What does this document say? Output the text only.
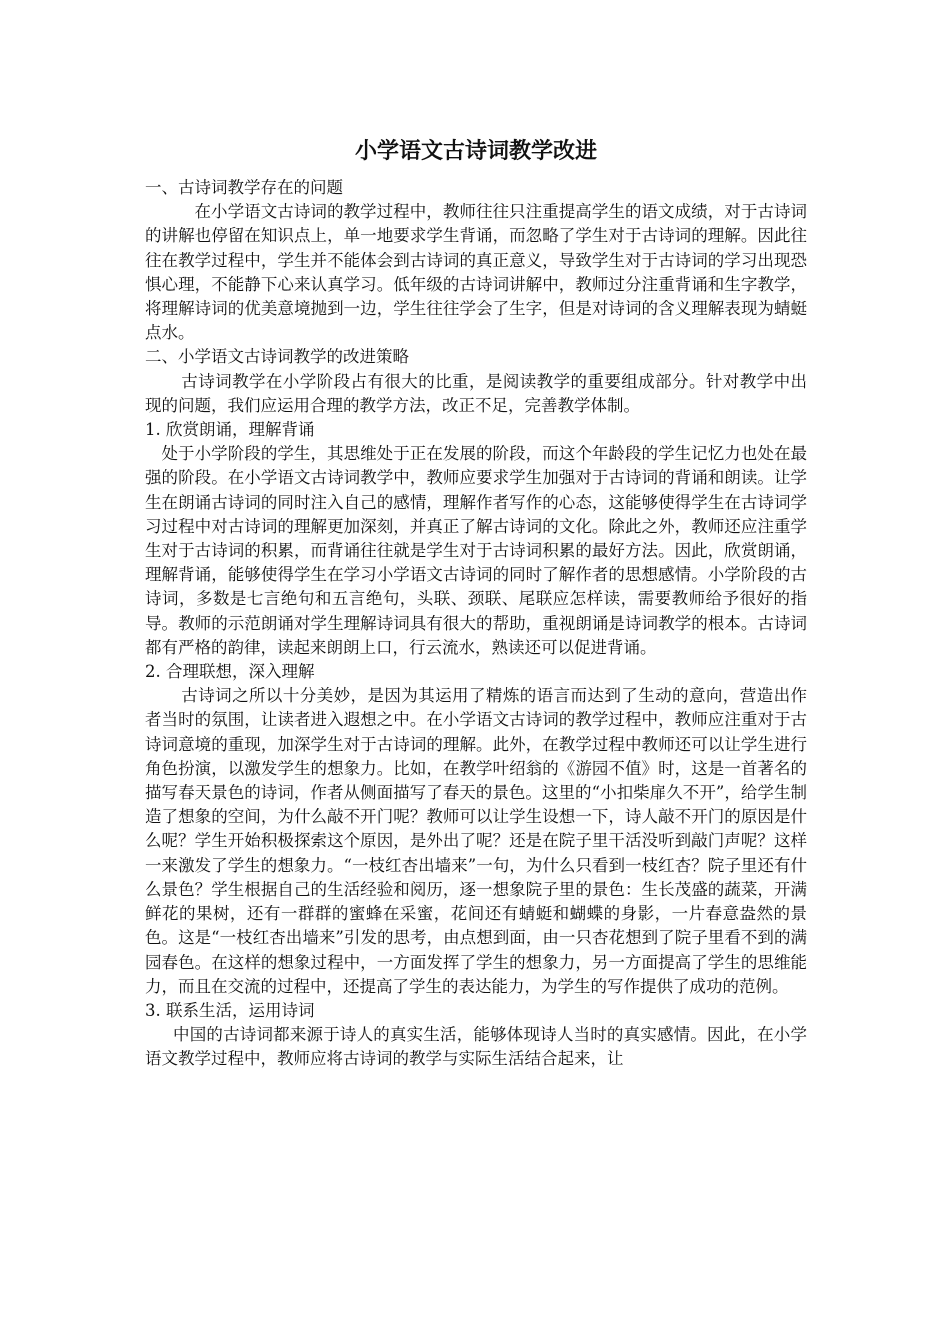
小学语文古诗词教学改进
一、古诗词教学存在的问题

在小学语文古诗词的教学过程中，教师往往只注重提高学生的语文成绩，对于古诗词的讲解也停留在知识点上，单一地要求学生背诵，而忽略了学生对于古诗词的理解。因此往往在教学过程中，学生并不能体会到古诗词的真正意义，导致学生对于古诗词的学习出现恐惧心理，不能静下心来认真学习。低年级的古诗词讲解中，教师过分注重背诵和生字教学，将理解诗词的优美意境抛到一边，学生往往学会了生字，但是对诗词的含义理解表现为蜻蜓点水。

二、小学语文古诗词教学的改进策略

古诗词教学在小学阶段占有很大的比重，是阅读教学的重要组成部分。针对教学中出现的问题，我们应运用合理的教学方法，改正不足，完善教学体制。

1. 欣赏朗诵，理解背诵

处于小学阶段的学生，其思维处于正在发展的阶段，而这个年龄段的学生记忆力也处在最强的阶段。在小学语文古诗词教学中，教师应要求学生加强对于古诗词的背诵和朗读。让学生在朗诵古诗词的同时注入自己的感情，理解作者写作的心态，这能够使得学生在古诗词学习过程中对古诗词的理解更加深刻，并真正了解古诗词的文化。除此之外，教师还应注重学生对于古诗词的积累，而背诵往往就是学生对于古诗词积累的最好方法。因此，欣赏朗诵，理解背诵，能够使得学生在学习小学语文古诗词的同时了解作者的思想感情。小学阶段的古诗词，多数是七言绝句和五言绝句，头联、颈联、尾联应怎样读，需要教师给予很好的指导。教师的示范朗诵对学生理解诗词具有很大的帮助，重视朗诵是诗词教学的根本。古诗词都有严格的韵律，读起来朗朗上口，行云流水，熟读还可以促进背诵。

2. 合理联想，深入理解

古诗词之所以十分美妙，是因为其运用了精炼的语言而达到了生动的意向，营造出作者当时的氛围，让读者进入遐想之中。在小学语文古诗词的教学过程中，教师应注重对于古诗词意境的重现，加深学生对于古诗词的理解。此外，在教学过程中教师还可以让学生进行角色扮演，以激发学生的想象力。比如，在教学叶绍翁的《游园不值》时，这是一首著名的描写春天景色的诗词，作者从侧面描写了春天的景色。这里的“小扣柴扉久不开”，给学生制造了想象的空间，为什么敲不开门呢？教师可以让学生设想一下，诗人敲不开门的原因是什么呢？学生开始积极探索这个原因，是外出了呢？还是在院子里干活没听到敲门声呢？这样一来激发了学生的想象力。“一枝红杏出墙来”一句，为什么只看到一枝红杏？院子里还有什么景色？学生根据自己的生活经验和阅历，逐一想象院子里的景色：生长茂盛的蔬菜，开满鲜花的果树，还有一群群的蜜蜂在采蜜，花间还有蜻蜓和蝴蝶的身影，一片春意盎然的景色。这是“一枝红杏出墙来”引发的思考，由点想到面，由一只杏花想到了院子里看不到的满园春色。在这样的想象过程中，一方面发挥了学生的想象力，另一方面提高了学生的思维能力，而且在交流的过程中，还提高了学生的表达能力，为学生的写作提供了成功的范例。

3. 联系生活，运用诗词

中国的古诗词都来源于诗人的真实生活，能够体现诗人当时的真实感情。因此，在小学语文教学过程中，教师应将古诗词的教学与实际生活结合起来，让
